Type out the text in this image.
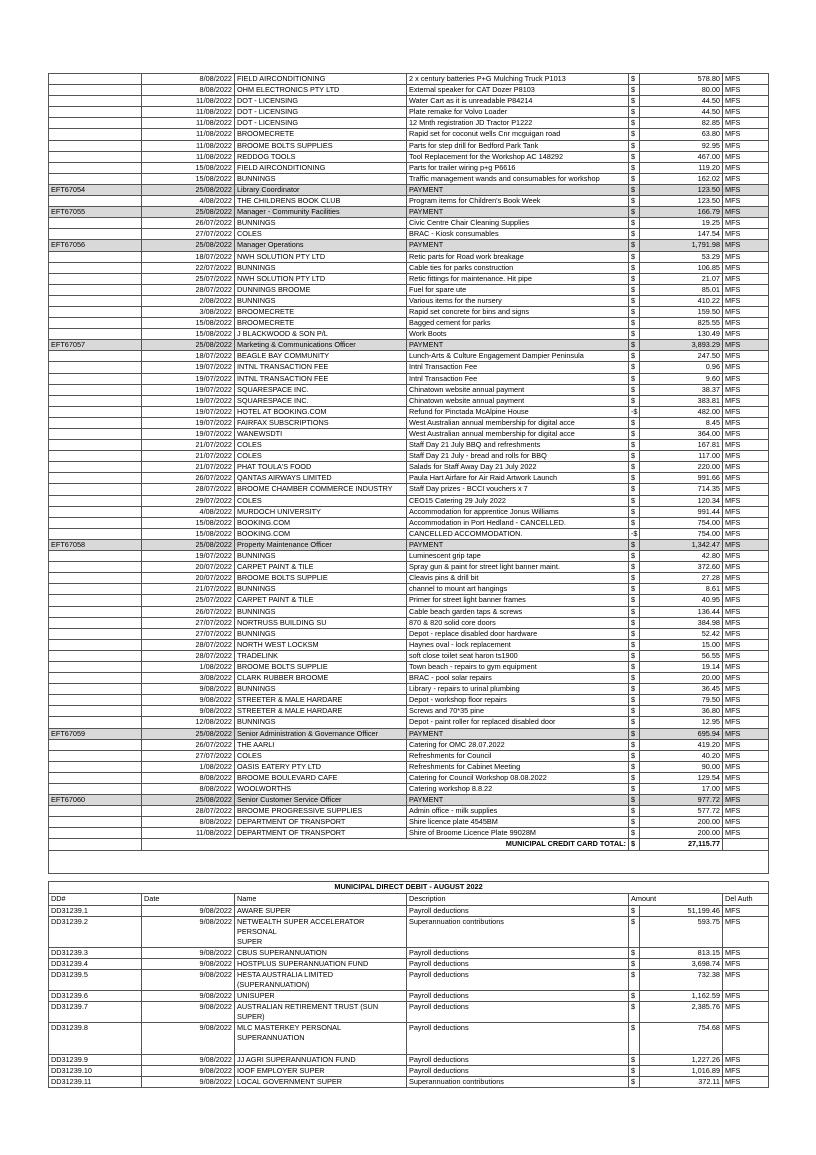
	8/08/2022	FIELD AIRCONDITIONING	2 x century batteries P+G Mulching Truck P1013	$	578.80	MFS
	8/08/2022	OHM ELECTRONICS PTY LTD	External speaker for CAT Dozer P8103	$	80.00	MFS
	11/08/2022	DOT - LICENSING	Water Cart as it is unreadable P84214	$	44.50	MFS
	11/08/2022	DOT - LICENSING	Plate remake for Volvo Loader	$	44.50	MFS
	11/08/2022	DOT - LICENSING	12 Mnth registration JD Tractor P1222	$	82.85	MFS
	11/08/2022	BROOMECRETE	Rapid set for coconut wells Cnr mcguigan road	$	63.80	MFS
	11/08/2022	BROOME BOLTS SUPPLIES	Parts for step drill for Bedford Park Tank	$	92.95	MFS
	11/08/2022	REDDOG TOOLS	Tool Replacement for the Workshop AC 148292	$	467.00	MFS
	15/08/2022	FIELD AIRCONDITIONING	Parts for trailer wiring p+g P6616	$	119.20	MFS
	15/08/2022	BUNNINGS	Traffic management wands and consumables for workshop	$	162.02	MFS
EFT67054	25/08/2022	Library Coordinator	PAYMENT	$	123.50	MFS
	4/08/2022	THE CHILDRENS BOOK CLUB	Program items for Children's Book Week	$	123.50	MFS
EFT67055	25/08/2022	Manager - Community Facilities	PAYMENT	$	166.79	MFS
	26/07/2022	BUNNINGS	Civic Centre Chair Cleaning Supplies	$	19.25	MFS
	27/07/2022	COLES	BRAC - Kiosk consumables	$	147.54	MFS
EFT67056	25/08/2022	Manager Operations	PAYMENT	$	1,791.98	MFS
	18/07/2022	NWH SOLUTION PTY LTD	Retic parts for Road work breakage	$	53.29	MFS
	22/07/2022	BUNNINGS	Cable ties for parks construction	$	106.85	MFS
	25/07/2022	NWH SOLUTION PTY LTD	Retic fittings for maintenance. Hit pipe	$	21.07	MFS
	28/07/2022	DUNNINGS BROOME	Fuel for spare ute	$	85.01	MFS
	2/08/2022	BUNNINGS	Various items for the nursery	$	410.22	MFS
	3/08/2022	BROOMECRETE	Rapid set concrete for bins and signs	$	159.50	MFS
	15/08/2022	BROOMECRETE	Bagged cement for parks	$	825.55	MFS
	15/08/2022	J BLACKWOOD & SON P/L	Work Boots	$	130.49	MFS
EFT67057	25/08/2022	Marketing & Communications Officer	PAYMENT	$	3,893.29	MFS
	18/07/2022	BEAGLE BAY COMMUNITY	Lunch-Arts & Culture Engagement Dampier Peninsula	$	247.50	MFS
	19/07/2022	INTNL TRANSACTION FEE	Intnl Transaction Fee	$	0.96	MFS
	19/07/2022	INTNL TRANSACTION FEE	Intnl Transaction Fee	$	9.60	MFS
	19/07/2022	SQUARESPACE INC.	Chinatown website annual payment	$	38.37	MFS
	19/07/2022	SQUARESPACE INC.	Chinatown website annual payment	$	383.81	MFS
	19/07/2022	HOTEL AT BOOKING.COM	Refund for Pinctada McAlpine House	-$	482.00	MFS
	19/07/2022	FAIRFAX SUBSCRIPTIONS	West Australian annual membership for digital acce	$	8.45	MFS
	19/07/2022	WANEWSDTI	West Australian annual membership for digital acce	$	364.00	MFS
	21/07/2022	COLES	Staff Day 21 July BBQ and refreshments	$	167.81	MFS
	21/07/2022	COLES	Staff Day 21 July - bread and rolls for BBQ	$	117.00	MFS
	21/07/2022	PHAT TOULA'S FOOD	Salads for Staff Away Day 21 July 2022	$	220.00	MFS
	26/07/2022	QANTAS AIRWAYS LIMITED	Paula Hart Airfare for Air Raid Artwork Launch	$	991.66	MFS
	28/07/2022	BROOME CHAMBER COMMERCE INDUSTRY	Staff Day prizes - BCCI vouchers x 7	$	714.35	MFS
	29/07/2022	COLES	CEO15 Catering 29 July 2022	$	120.34	MFS
	4/08/2022	MURDOCH UNIVERSITY	Accommodation for apprentice Jonus Williams	$	991.44	MFS
	15/08/2022	BOOKING.COM	Accommodation in Port Hedland - CANCELLED.	$	754.00	MFS
	15/08/2022	BOOKING.COM	CANCELLED ACCOMMODATION.	-$	754.00	MFS
EFT67058	25/08/2022	Property Maintenance Officer	PAYMENT	$	1,342.47	MFS
	19/07/2022	BUNNINGS	Luminescent grip tape	$	42.80	MFS
	20/07/2022	CARPET PAINT & TILE	Spray gun & paint for street light banner maint.	$	372.60	MFS
	20/07/2022	BROOME BOLTS SUPPLIE	Cleavis pins & drill bit	$	27.28	MFS
	21/07/2022	BUNNINGS	channel to mount art hangings	$	8.61	MFS
	25/07/2022	CARPET PAINT & TILE	Primer for street light banner frames	$	40.95	MFS
	26/07/2022	BUNNINGS	Cable beach garden taps & screws	$	136.44	MFS
	27/07/2022	NORTRUSS BUILDING SU	870 & 820 solid core doors	$	384.98	MFS
	27/07/2022	BUNNINGS	Depot - replace disabled door hardware	$	52.42	MFS
	28/07/2022	NORTH WEST LOCKSM	Haynes oval - lock replacement	$	15.00	MFS
	28/07/2022	TRADELINK	soft close toilet seat haron ts1900	$	56.55	MFS
	1/08/2022	BROOME BOLTS SUPPLIE	Town beach - repairs to gym equipment	$	19.14	MFS
	3/08/2022	CLARK RUBBER BROOME	BRAC - pool solar repairs	$	20.00	MFS
	9/08/2022	BUNNINGS	Library - repairs to urinal plumbing	$	36.45	MFS
	9/08/2022	STREETER & MALE HARDARE	Depot - workshop floor repairs	$	79.50	MFS
	9/08/2022	STREETER & MALE HARDARE	Screws and 70*35 pine	$	36.80	MFS
	12/08/2022	BUNNINGS	Depot - paint roller for replaced disabled door	$	12.95	MFS
EFT67059	25/08/2022	Senior Administration & Governance Officer	PAYMENT	$	695.94	MFS
	26/07/2022	THE AARLI	Catering for OMC 28.07.2022	$	419.20	MFS
	27/07/2022	COLES	Refreshments for Council	$	40.20	MFS
	1/08/2022	OASIS EATERY PTY LTD	Refreshments for Cabinet Meeting	$	90.00	MFS
	8/08/2022	BROOME BOULEVARD CAFE	Catering for Council Workshop 08.08.2022	$	129.54	MFS
	8/08/2022	WOOLWORTHS	Catering workshop 8.8.22	$	17.00	MFS
EFT67060	25/08/2022	Senior Customer Service Officer	PAYMENT	$	977.72	MFS
	28/07/2022	BROOME PROGRESSIVE SUPPLIES	Admin office - milk supplies	$	577.72	MFS
	8/08/2022	DEPARTMENT OF TRANSPORT	Shire licence plate 4545BM	$	200.00	MFS
	11/08/2022	DEPARTMENT OF TRANSPORT	Shire of Broome Licence Plate 99028M	$	200.00	MFS
	MUNICIPAL CREDIT CARD TOTAL:			$	27,115.77	

MUNICIPAL DIRECT DEBIT - AUGUST 2022						
DD#	Date	Name	Description	Amount		Del Auth
DD31239.1	9/08/2022	AWARE SUPER	Payroll deductions	$	51,199.46	MFS
DD31239.2	9/08/2022	NETWEALTH SUPER ACCELERATOR PERSONAL
SUPER	Superannuation contributions	$	593.75	MFS
DD31239.3	9/08/2022	CBUS SUPERANNUATION	Payroll deductions	$	813.15	MFS
DD31239.4	9/08/2022	HOSTPLUS SUPERANNUATION FUND	Payroll deductions	$	3,698.74	MFS
DD31239.5	9/08/2022	HESTA AUSTRALIA LIMITED
(SUPERANNUATION)	Payroll deductions	$	732.38	MFS
DD31239.6	9/08/2022	UNISUPER	Payroll deductions	$	1,162.59	MFS
DD31239.7	9/08/2022	AUSTRALIAN RETIREMENT TRUST (SUN SUPER)	Payroll deductions	$	2,385.76	MFS
DD31239.8	9/08/2022	MLC MASTERKEY PERSONAL
SUPERANNUATION	Payroll deductions	$	754.68	MFS
DD31239.9	9/08/2022	JJ AGRI SUPERANNUATION FUND	Payroll deductions	$	1,227.26	MFS
DD31239.10	9/08/2022	IOOF EMPLOYER SUPER	Payroll deductions	$	1,016.89	MFS
DD31239.11	9/08/2022	LOCAL GOVERNMENT SUPER	Superannuation contributions	$	372.11	MFS
